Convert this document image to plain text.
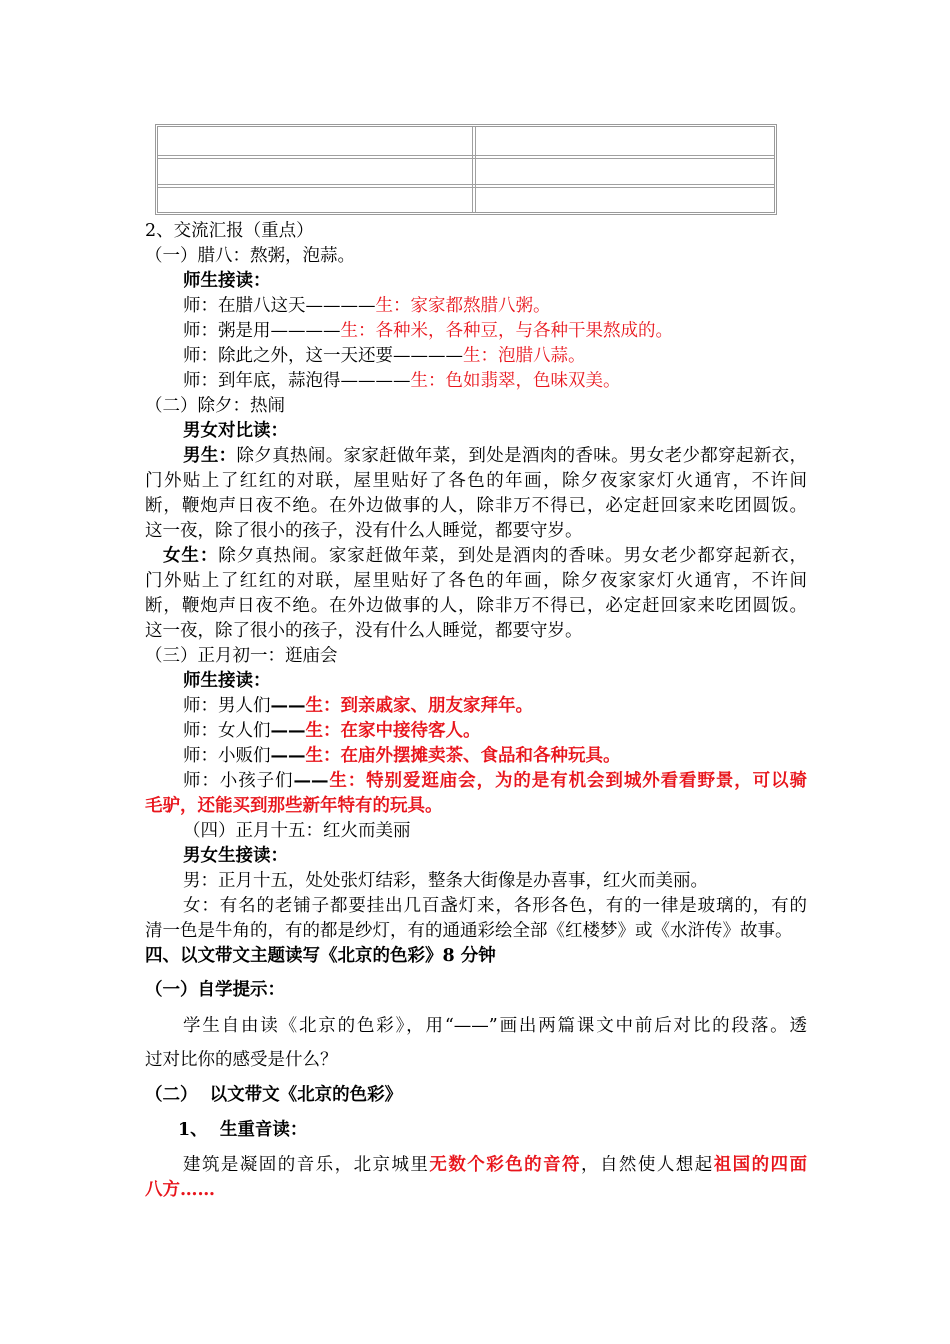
2、交流汇报（重点）
（一）腊八：熬粥，泡蒜。
师生接读：
师：在腊八这天————生：家家都熬腊八粥。
师：粥是用————生：各种米，各种豆，与各种干果熬成的。
师：除此之外，这一天还要————生：泡腊八蒜。
师：到年底，蒜泡得————生：色如翡翠，色味双美。
（二）除夕：热闹
男女对比读：
男生：除夕真热闹。家家赶做年菜，到处是酒肉的香味。男女老少都穿起新衣，
门外贴上了红红的对联，屋里贴好了各色的年画，除夕夜家家灯火通宵，不许间
断，鞭炮声日夜不绝。在外边做事的人，除非万不得已，必定赶回家来吃团圆饭。
这一夜，除了很小的孩子，没有什么人睡觉，都要守岁。
女生：除夕真热闹。家家赶做年菜，到处是酒肉的香味。男女老少都穿起新衣，
门外贴上了红红的对联，屋里贴好了各色的年画，除夕夜家家灯火通宵，不许间
断，鞭炮声日夜不绝。在外边做事的人，除非万不得已，必定赶回家来吃团圆饭。
这一夜，除了很小的孩子，没有什么人睡觉，都要守岁。
（三）正月初一：逛庙会
师生接读：
师：男人们——生：到亲戚家、朋友家拜年。
师：女人们——生：在家中接待客人。
师：小贩们——生：在庙外摆摊卖茶、食品和各种玩具。
师：小孩子们——生：特别爱逛庙会，为的是有机会到城外看看野景，可以骑
毛驴，还能买到那些新年特有的玩具。
（四）正月十五：红火而美丽
男女生接读：
男：正月十五，处处张灯结彩，整条大街像是办喜事，红火而美丽。
女：有名的老铺子都要挂出几百盏灯来，各形各色，有的一律是玻璃的，有的
清一色是牛角的，有的都是纱灯，有的通通彩绘全部《红楼梦》或《水浒传》故事。
四、以文带文主题读写《北京的色彩》8 分钟
（一）自学提示：
学生自由读《北京的色彩》，用“——”画出两篇课文中前后对比的段落。透
过对比你的感受是什么？
（二）  以文带文《北京的色彩》
1、  生重音读：
建筑是凝固的音乐，北京城里无数个彩色的音符，自然使人想起祖国的四面
八方……
